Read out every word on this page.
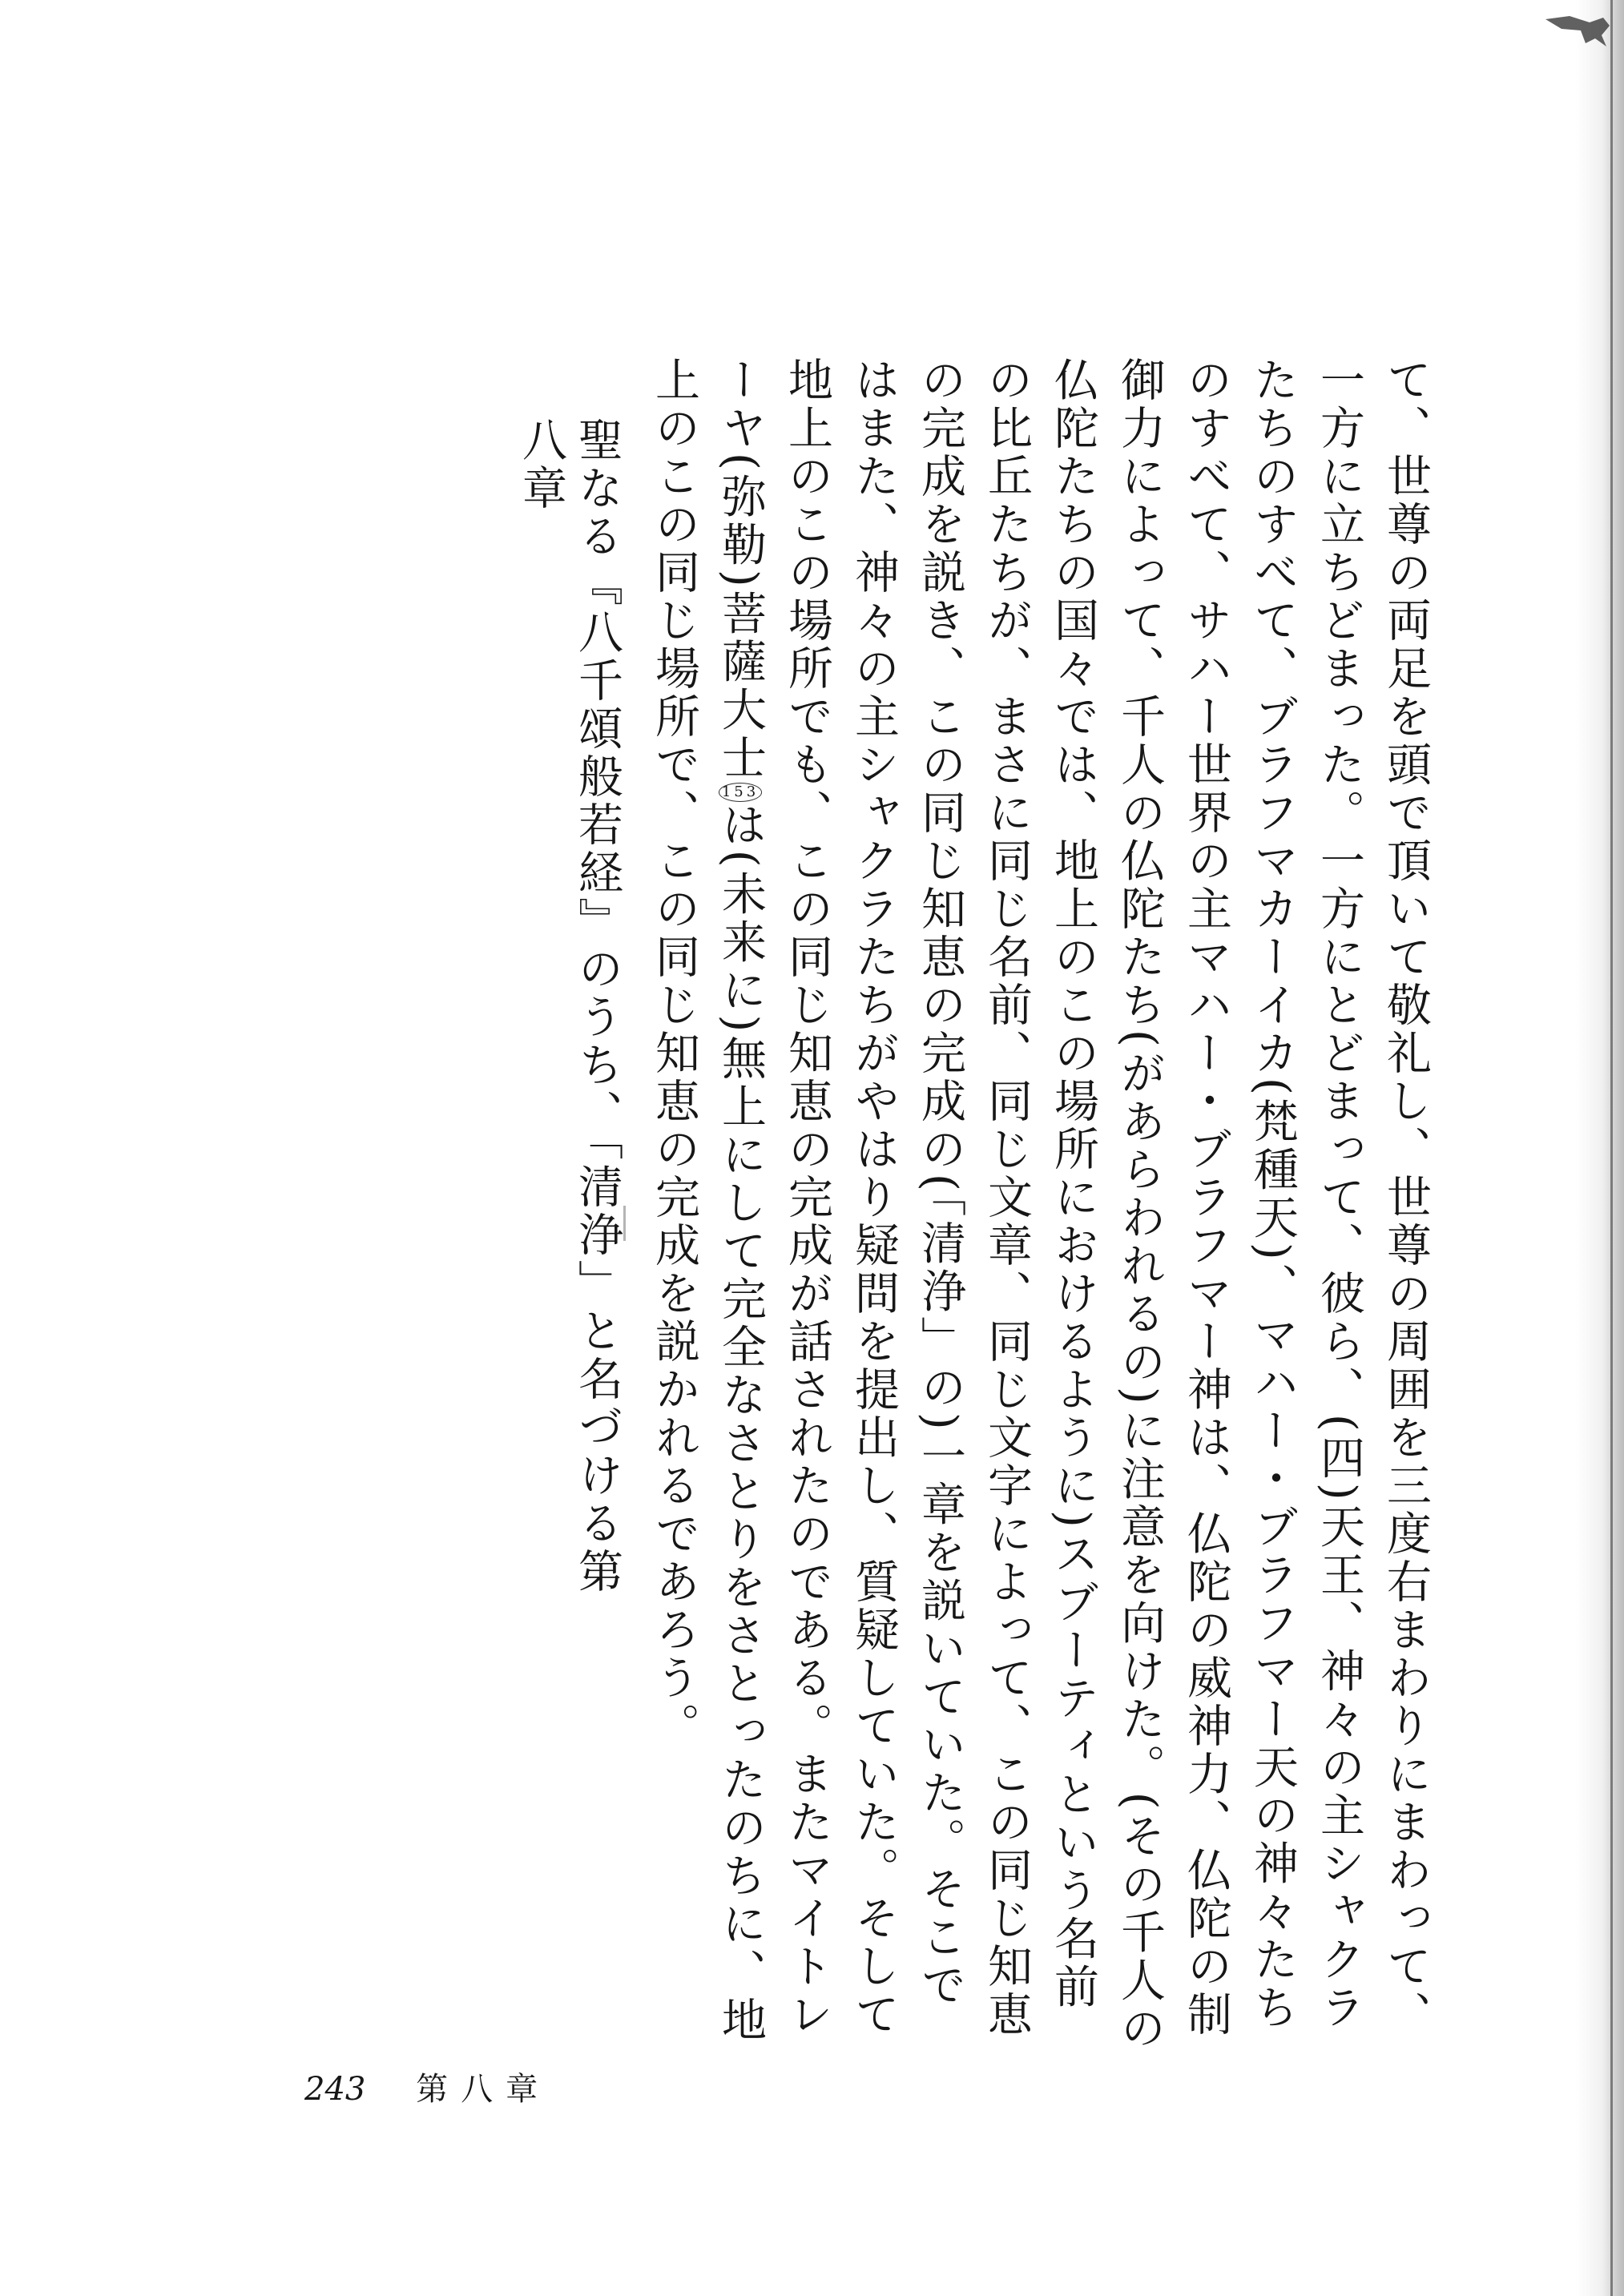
て、世尊の両足を頭で頂いて敬礼し、世尊の周囲を三度右まわりにまわって、一方に立ちどまった。一方にとどまって、彼ら、(四)天王、神々の主シャクラたちのすべて、ブラフマカーイカ(梵種天)、マハー・ブラフマー天の神々たちのすべて、サハー世界の主マハー・ブラフマー神は、仏陀の威神力、仏陀の制御力によって、千人の仏陀たち(があらわれるの)に注意を向けた。(その千人の仏陀たちの国々では、地上のこの場所におけるように)スブーティという名前の比丘たちが、まさに同じ名前、同じ文章、同じ文字によって、この同じ知恵の完成を説き、この同じ知恵の完成の(「清浄」の)一章を説いていた。そこではまた、神々の主シャクラたちがやはり疑問を提出し、質疑していた。そして地上のこの場所でも、この同じ知恵の完成が話されたのである。またマイトレーヤ(弥勒)菩薩大士153は(未来に)無上にして完全なさとりをさとったのちに、地上のこの同じ場所で、この同じ知恵の完成を説かれるであろう。

聖なる『八千頌般若経』のうち、「清浄」と名づける第八章
243 第八章
